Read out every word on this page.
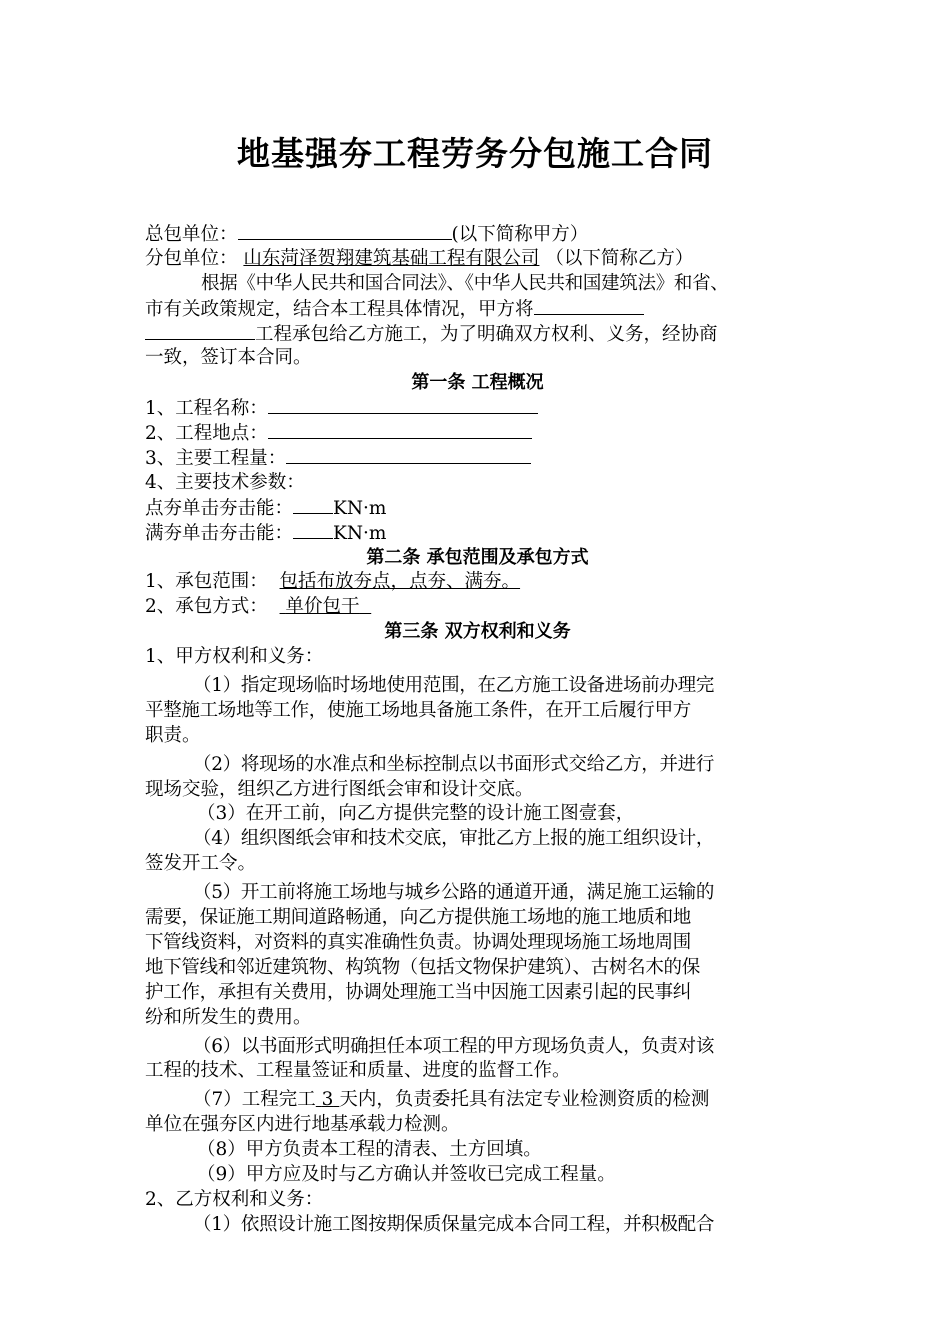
地基强夯工程劳务分包施工合同
总包单位：	(以下简称甲方）
分包单位： 山东菏泽贺翔建筑基础工程有限公司 （以下简称乙方）
根据《中华人民共和国合同法》、《中华人民共和国建筑法》和省、
市有关政策规定，结合本工程具体情况，甲方将
工程承包给乙方施工，为了明确双方权利、义务，经协商
一致，签订本合同。
第一条 工程概况
1、工程名称：
2、工程地点：
3、主要工程量：
4、主要技术参数：
点夯单击夯击能： KN·m
满夯单击夯击能： KN·m
第二条 承包范围及承包方式
1、承包范围： 包括布放夯点，点夯、满夯。
2、承包方式： 单价包干
第三条 双方权利和义务
1、甲方权利和义务：
（1）指定现场临时场地使用范围，在乙方施工设备进场前办理完
平整施工场地等工作，使施工场地具备施工条件，在开工后履行甲方
职责。
（2）将现场的水准点和坐标控制点以书面形式交给乙方，并进行
现场交验，组织乙方进行图纸会审和设计交底。
（3）在开工前，向乙方提供完整的设计施工图壹套，
（4）组织图纸会审和技术交底，审批乙方上报的施工组织设计，
签发开工令。
（5）开工前将施工场地与城乡公路的通道开通，满足施工运输的
需要，保证施工期间道路畅通，向乙方提供施工场地的施工地质和地
下管线资料，对资料的真实准确性负责。协调处理现场施工场地周围
地下管线和邻近建筑物、构筑物（包括文物保护建筑）、古树名木的保
护工作，承担有关费用，协调处理施工当中因施工因素引起的民事纠
纷和所发生的费用。
（6）以书面形式明确担任本项工程的甲方现场负责人，负责对该
工程的技术、工程量签证和质量、进度的监督工作。
（7）工程完工 3 天内，负责委托具有法定专业检测资质的检测
单位在强夯区内进行地基承载力检测。
（8）甲方负责本工程的清表、土方回填。
（9）甲方应及时与乙方确认并签收已完成工程量。
2、乙方权利和义务：
（1）依照设计施工图按期保质保量完成本合同工程，并积极配合
